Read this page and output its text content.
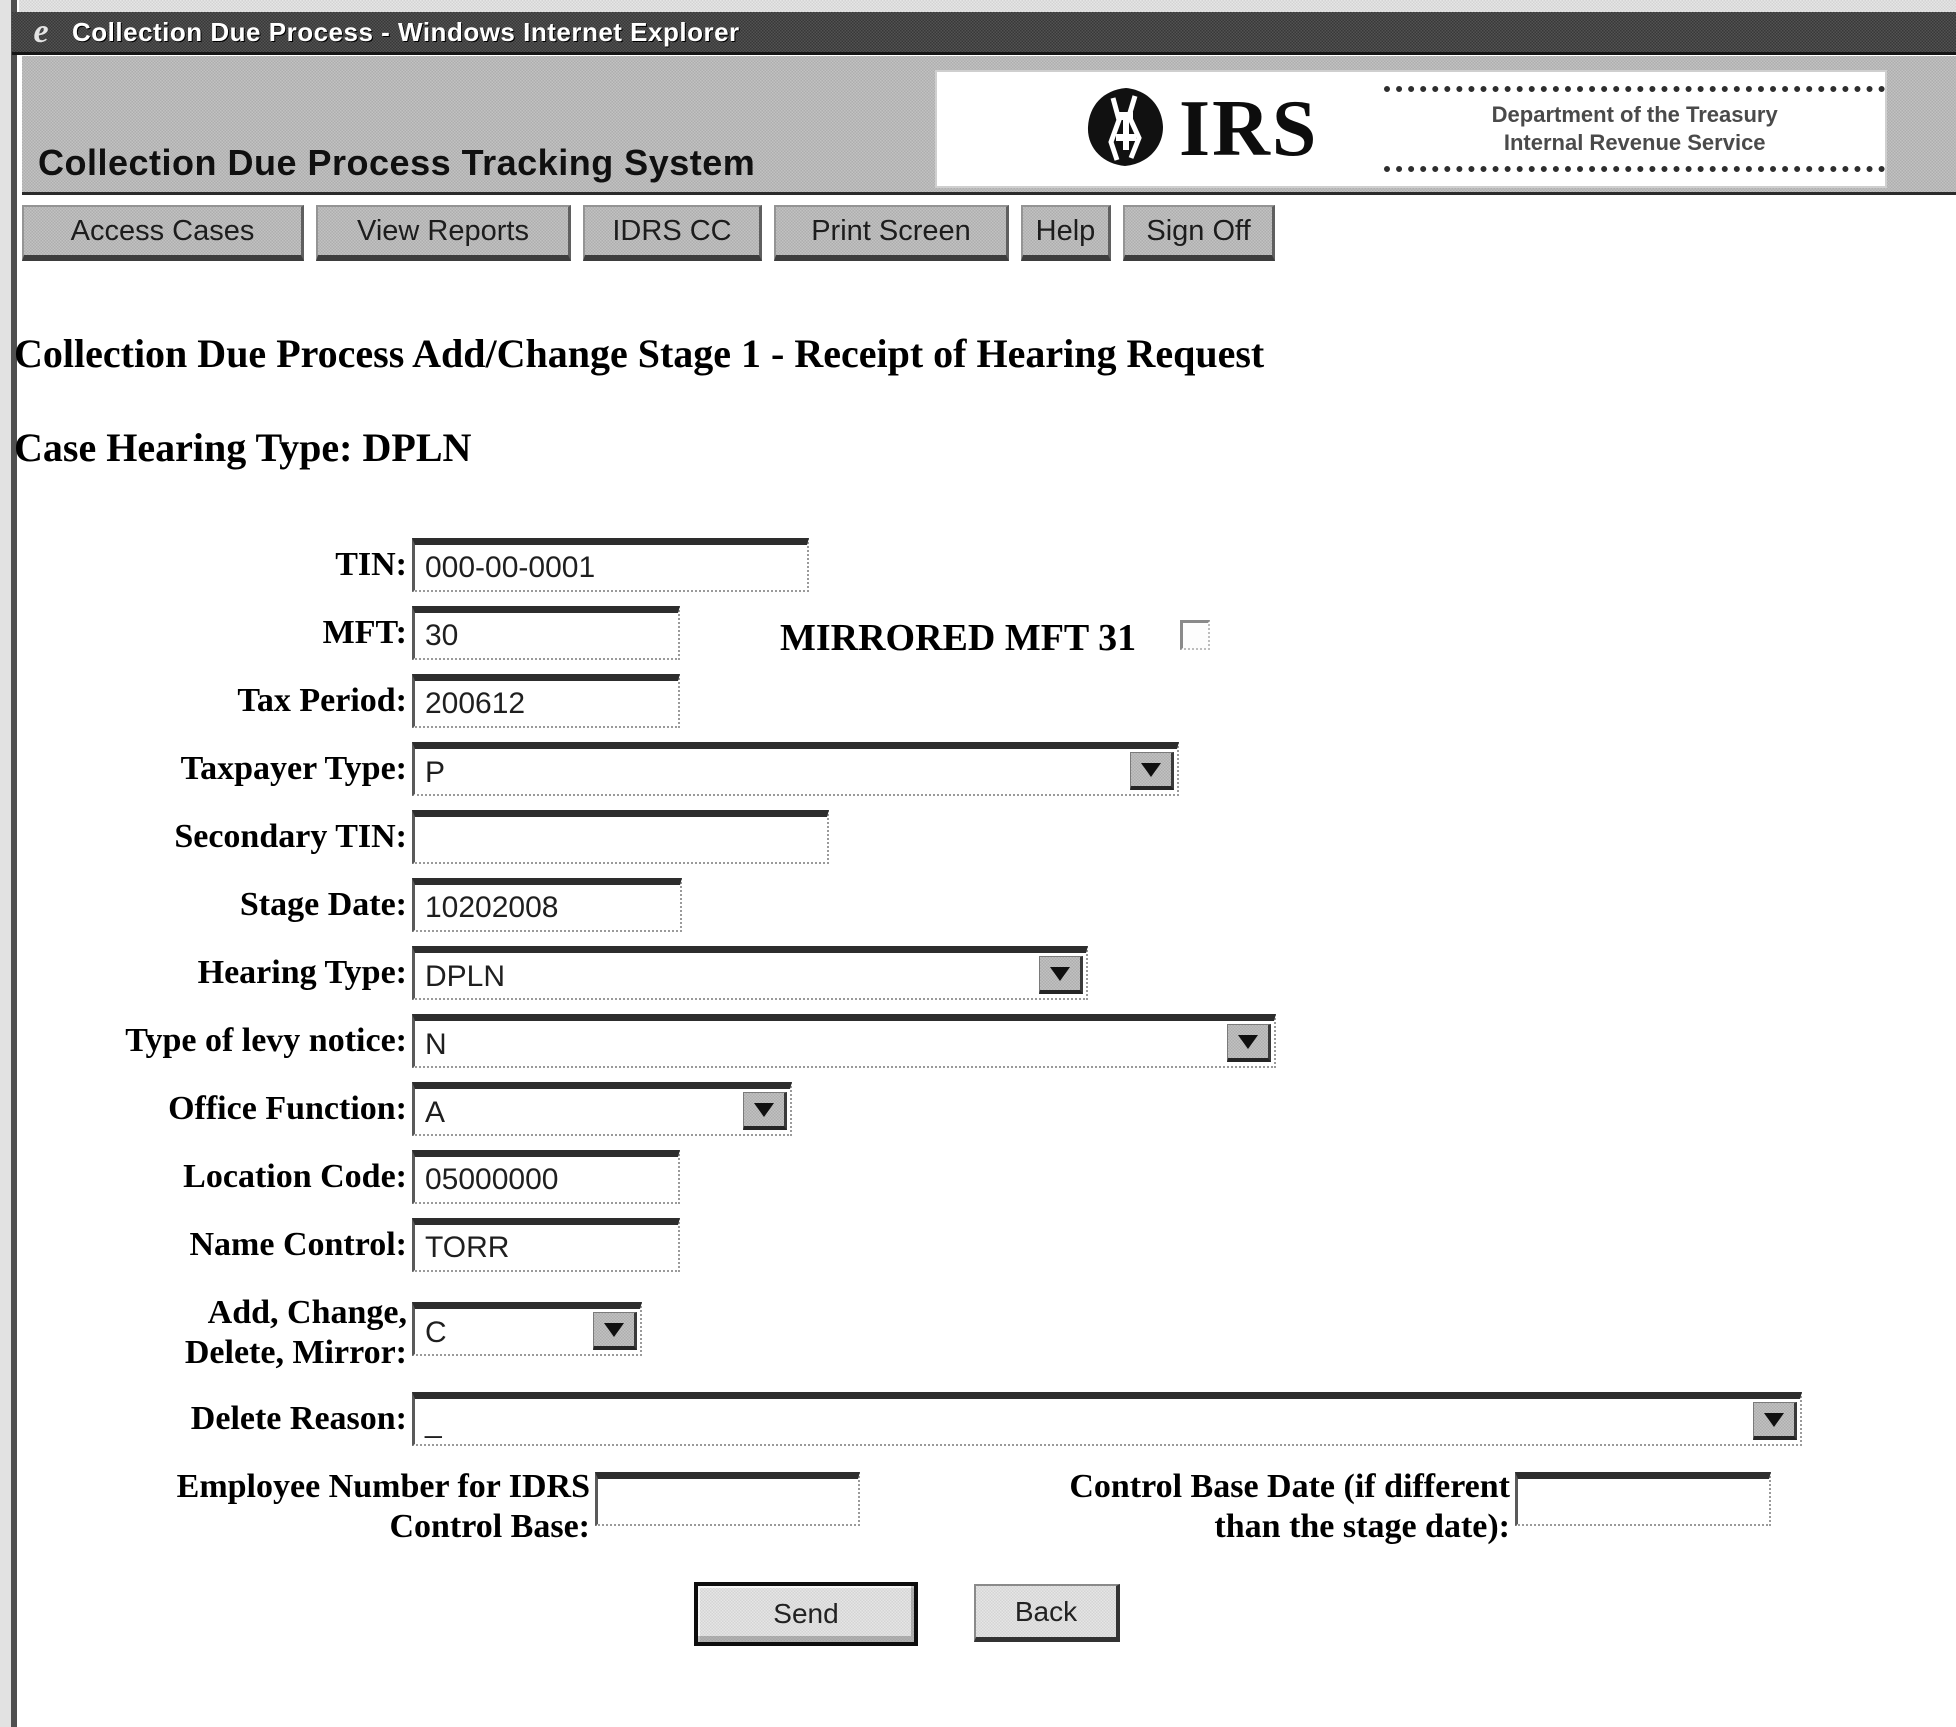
e Collection Due Process - Windows Internet Explorer
Collection Due Process Tracking System	IRS	Department of the Treasury
Internal Revenue Service
Access Cases	View Reports	IDRS CC	Print Screen	Help	Sign Off
Collection Due Process Add/Change Stage 1 - Receipt of Hearing Request
Case Hearing Type: DPLN
TIN:
000-00-0001
MFT:
30	MIRRORED MFT 31
Tax Period:
200612
Taxpayer Type: P
Secondary TIN:
Stage Date:
10202008
Hearing Type: DPLN
Type of levy notice: N
Office Function: A
Location Code:
05000000
Name Control:
TORR
Add, Change,
Delete, Mirror:
C
Delete Reason: _
Employee Number for IDRS
Control Base:
Control Base Date (if different
than the stage date):
Send	Back
